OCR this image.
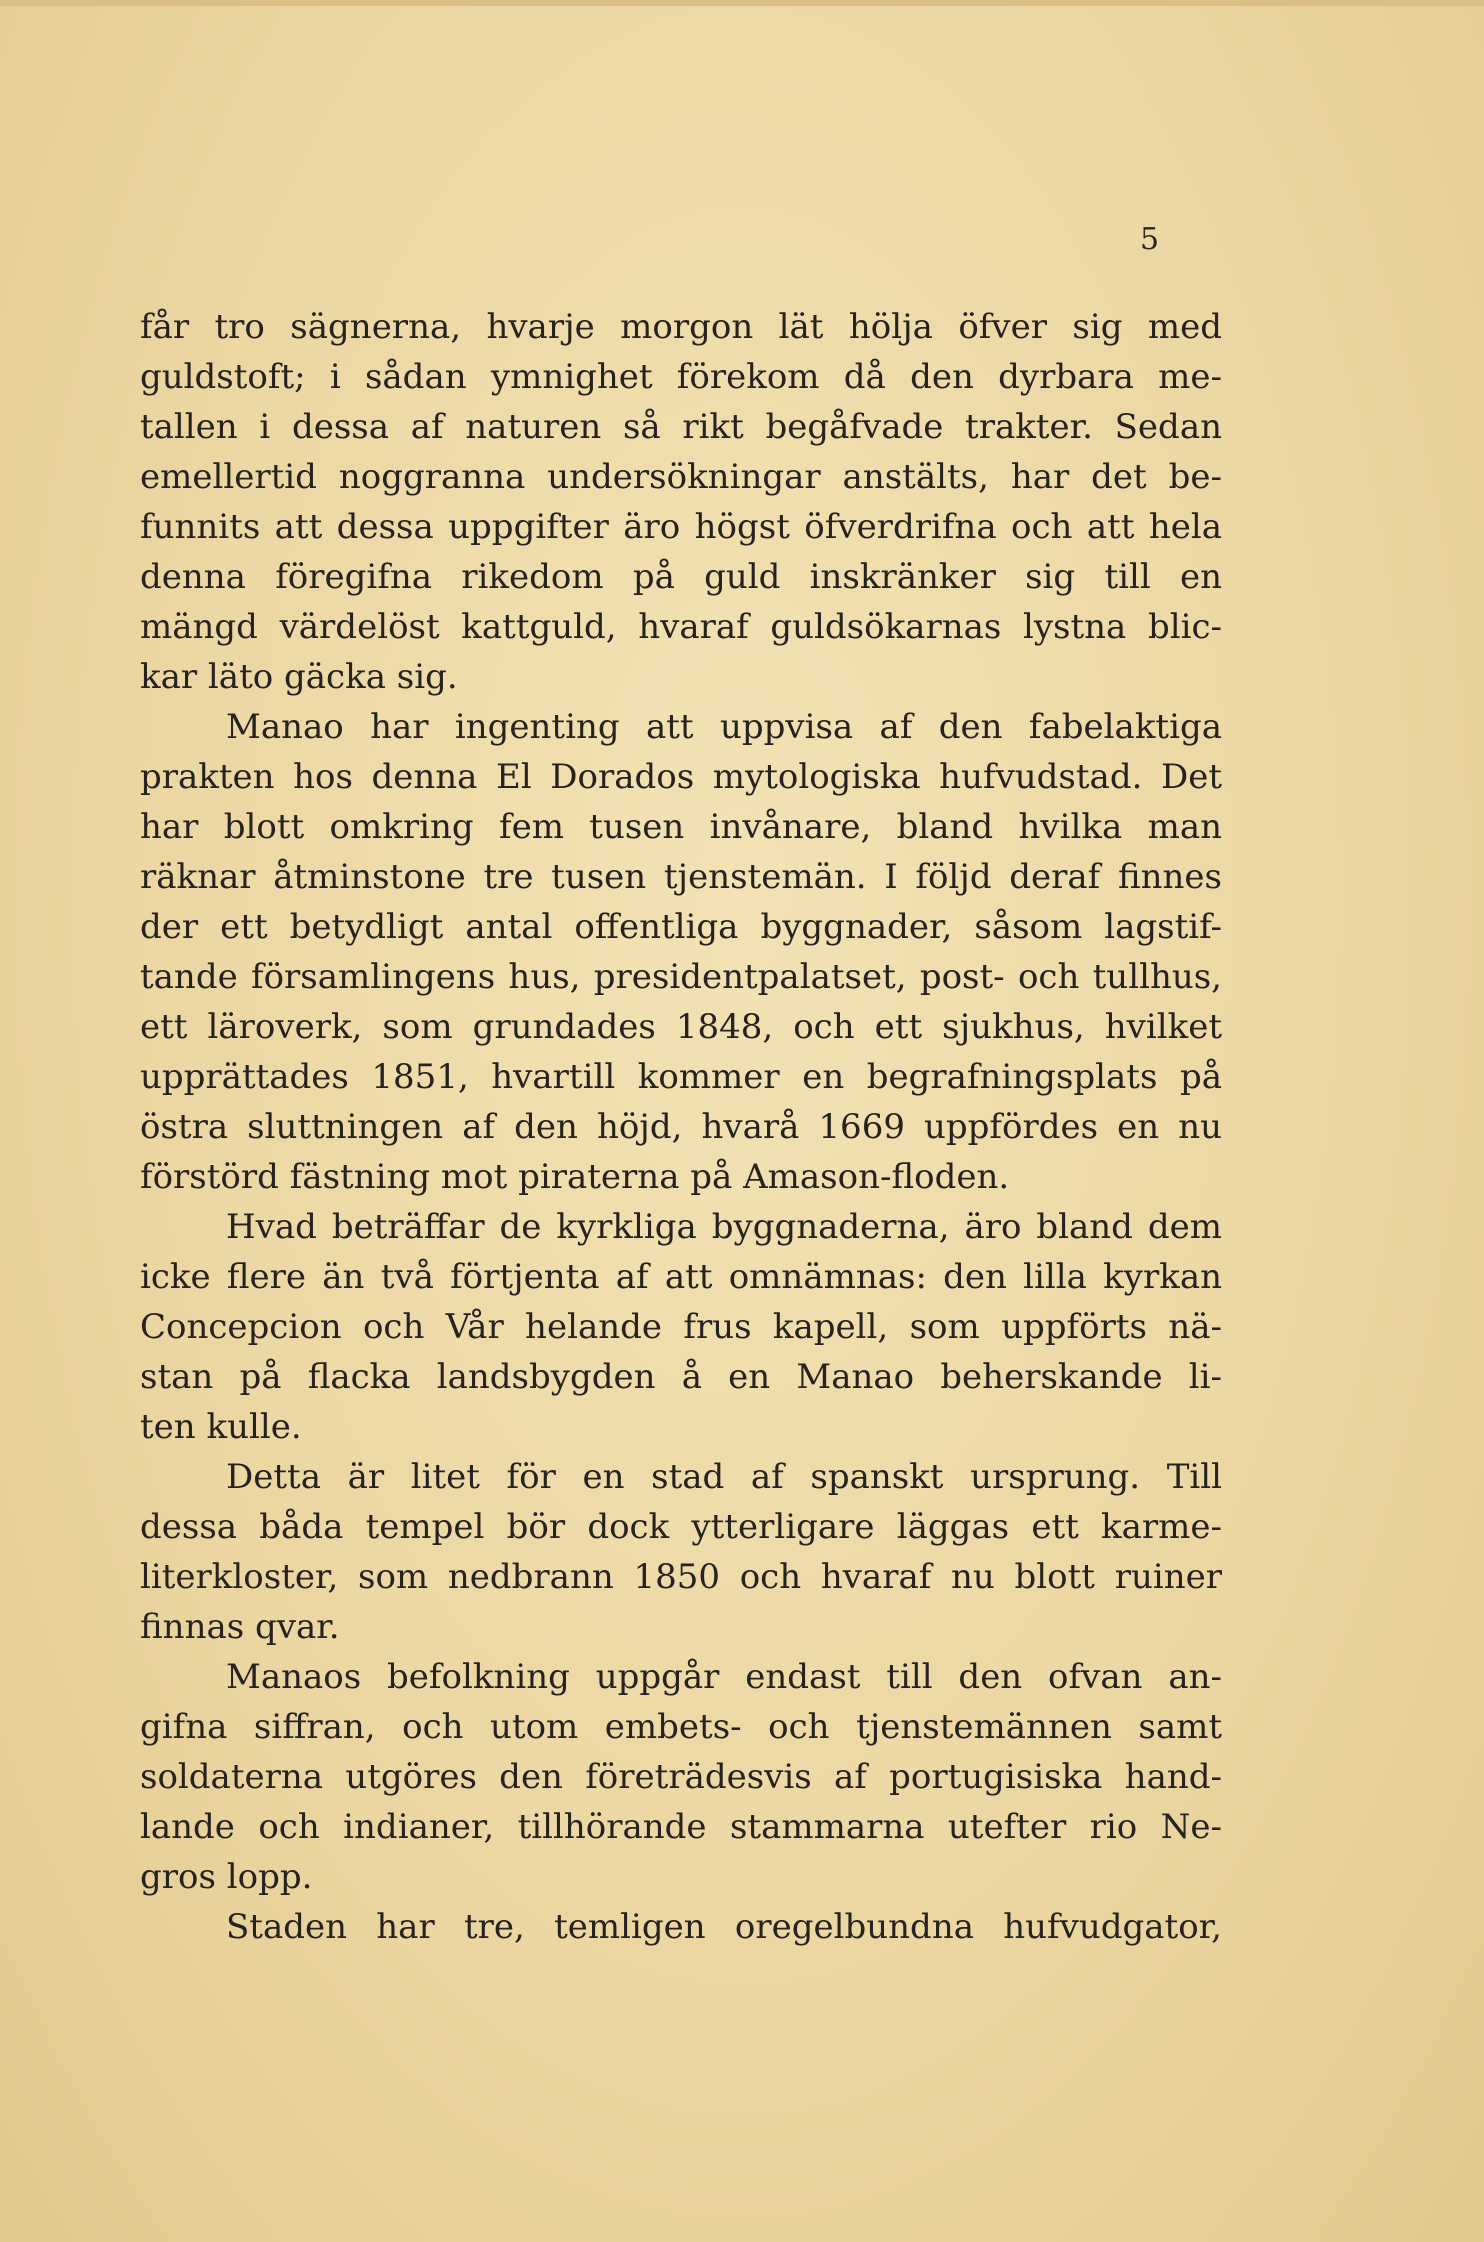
5
får tro sägnerna, hvarje morgon lät hölja öfver sig med
guldstoft; i sådan ymnighet förekom då den dyrbara me-
tallen i dessa af naturen så rikt begåfvade trakter. Sedan
emellertid noggranna undersökningar anstälts, har det be-
funnits att dessa uppgifter äro högst öfverdrifna och att hela
denna föregifna rikedom på guld inskränker sig till en
mängd värdelöst kattguld, hvaraf guldsökarnas lystna blic-
kar läto gäcka sig.
Manao har ingenting att uppvisa af den fabelaktiga
prakten hos denna El Dorados mytologiska hufvudstad. Det
har blott omkring fem tusen invånare, bland hvilka man
räknar åtminstone tre tusen tjenstemän. I följd deraf finnes
der ett betydligt antal offentliga byggnader, såsom lagstif-
tande församlingens hus, presidentpalatset, post- och tullhus,
ett läroverk, som grundades 1848, och ett sjukhus, hvilket
upprättades 1851, hvartill kommer en begrafningsplats på
östra sluttningen af den höjd, hvarå 1669 uppfördes en nu
förstörd fästning mot piraterna på Amason-floden.
Hvad beträffar de kyrkliga byggnaderna, äro bland dem
icke flere än två förtjenta af att omnämnas: den lilla kyrkan
Concepcion och Vår helande frus kapell, som uppförts nä-
stan på flacka landsbygden å en Manao beherskande li-
ten kulle.
Detta är litet för en stad af spanskt ursprung. Till
dessa båda tempel bör dock ytterligare läggas ett karme-
literkloster, som nedbrann 1850 och hvaraf nu blott ruiner
finnas qvar.
Manaos befolkning uppgår endast till den ofvan an-
gifna siffran, och utom embets- och tjenstemännen samt
soldaterna utgöres den företrädesvis af portugisiska hand-
lande och indianer, tillhörande stammarna utefter rio Ne-
gros lopp.
Staden har tre, temligen oregelbundna hufvudgator,
